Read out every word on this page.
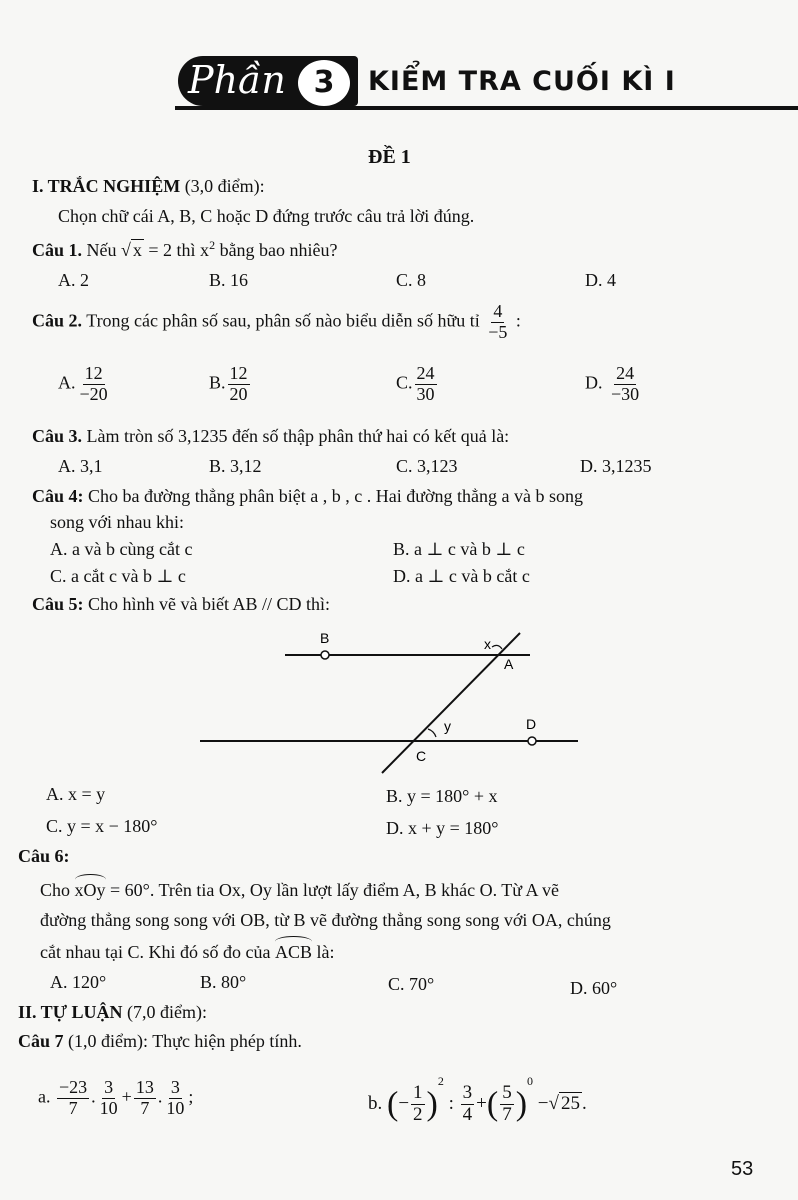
Phần 3	KIỂM TRA CUỐI KÌ I
ĐỀ 1
I. TRẮC NGHIỆM (3,0 điểm):
Chọn chữ cái A, B, C hoặc D đứng trước câu trả lời đúng.
Câu 1. Nếu √ x = 2 thì $x^2$ bằng bao nhiêu?
A. 2	B. 16	C. 8	D. 4
Câu 2. Trong các phân số sau, phân số nào biểu diễn số hữu tỉ $\frac{4}{-5}$ :
A. $\frac{12}{-20}$	B. $\frac{12}{20}$	C. $\frac{24}{30}$	D. $\frac{24}{-30}$
Câu 3. Làm tròn số 3,1235 đến số thập phân thứ hai có kết quả là:
A. 3,1	B. 3,12	C. 3,123	D. 3,1235
Câu 4: Cho ba đường thẳng phân biệt a , b , c . Hai đường thẳng a và b song
song với nhau khi:
A. a và b cùng cắt c	B. a ⊥ c và b ⊥ c
C. a cắt c và b ⊥ c	D. a ⊥ c và b cắt c
Câu 5: Cho hình vẽ và biết AB // CD thì:
B	x
A
y	D
C
A. x = y	B. y = 180° + x
C. y = x − 180°	D. x + y = 180°
Câu 6:
Cho xOy = 60°. Trên tia Ox, Oy lần lượt lấy điểm A, B khác O. Từ A vẽ
đường thẳng song song với OB, từ B vẽ đường thẳng song song với OA, chúng
cắt nhau tại C. Khi đó số đo của ACB là:
A. 120°	B. 80°	C. 70°	D. 60°
II. TỰ LUẬN (7,0 điểm):
Câu 7 (1,0 điểm): Thực hiện phép tính.
a. $\frac{-23}{7}$ . $\frac{3}{10} + \frac{13}{7}$ . $\frac{3}{10}$ ;	b. (− $\frac{1}{2} )^2$ : $\frac{3}{4}$ +( $\frac{5}{7} )^0$ −√ 25 .
53
